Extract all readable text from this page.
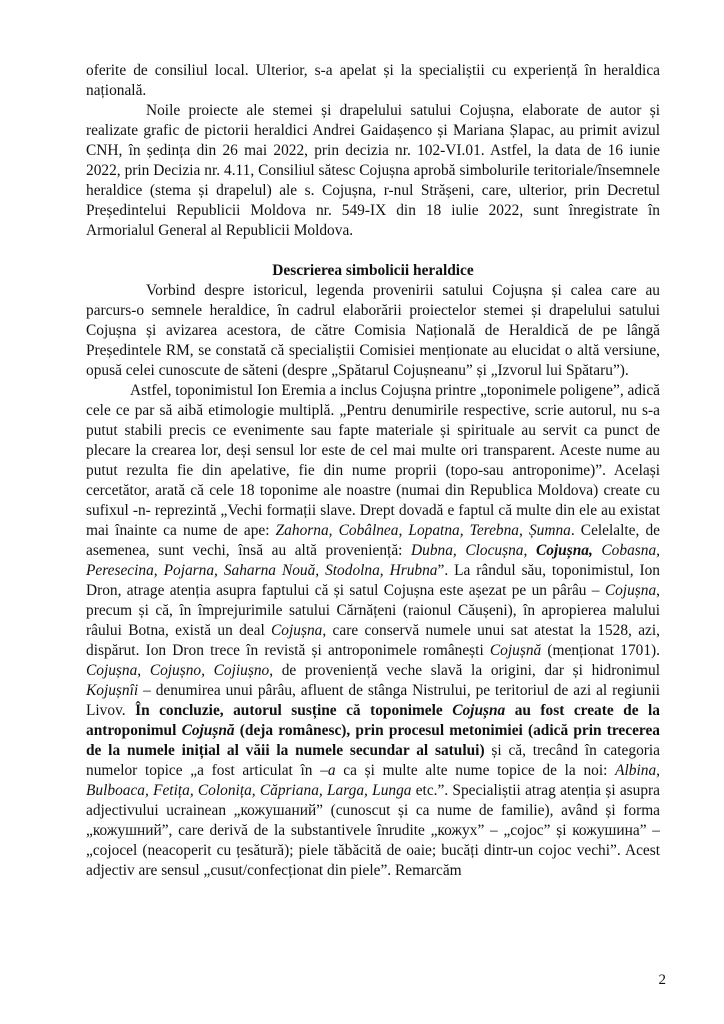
oferite de consiliul local. Ulterior, s-a apelat și la specialiștii cu experiență în heraldica națională.

Noile proiecte ale stemei și drapelului satului Cojușna, elaborate de autor și realizate grafic de pictorii heraldici Andrei Gaidașenco și Mariana Șlapac, au primit avizul CNH, în ședința din 26 mai 2022, prin decizia nr. 102-VI.01. Astfel, la data de 16 iunie 2022, prin Decizia nr. 4.11, Consiliul sătesc Cojușna aprobă simbolurile teritoriale/însemnele heraldice (stema și drapelul) ale s. Cojușna, r-nul Strășeni, care, ulterior, prin Decretul Președintelui Republicii Moldova nr. 549-IX din 18 iulie 2022, sunt înregistrate în Armorialul General al Republicii Moldova.

Descrierea simbolicii heraldice

Vorbind despre istoricul, legenda provenirii satului Cojușna și calea care au parcurs-o semnele heraldice, în cadrul elaborării proiectelor stemei și drapelului satului Cojușna și avizarea acestora, de către Comisia Națională de Heraldică de pe lângă Președintele RM, se constată că specialiștii Comisiei menționate au elucidat o altă versiune, opusă celei cunoscute de săteni (despre „Spătarul Cojușneanu” și „Izvorul lui Spătaru”).

Astfel, toponimistul Ion Eremia a inclus Cojușna printre „toponimele poligene”, adică cele ce par să aibă etimologie multiplă. „Pentru denumirile respective, scrie autorul, nu s-a putut stabili precis ce evenimente sau fapte materiale și spirituale au servit ca punct de plecare la crearea lor, deși sensul lor este de cel mai multe ori transparent. Aceste nume au putut rezulta fie din apelative, fie din nume proprii (topo-sau antroponime)”. Același cercetător, arată că cele 18 toponime ale noastre (numai din Republica Moldova) create cu sufixul -n- reprezintă „Vechi formații slave. Drept dovadă e faptul că multe din ele au existat mai înainte ca nume de ape: Zahorna, Cobâlnea, Lopatna, Terebna, Șumna. Celelalte, de asemenea, sunt vechi, însă au altă proveniență: Dubna, Clocușna, Cojușna, Cobasna, Peresecina, Pojarna, Saharna Nouă, Stodolna, Hrubna”. La rândul său, toponimistul, Ion Dron, atrage atenția asupra faptului că și satul Cojușna este așezat pe un pârâu – Cojușna, precum și că, în împrejurimile satului Cărnățeni (raionul Căușeni), în apropierea malului râului Botna, există un deal Cojușna, care conservă numele unui sat atestat la 1528, azi, dispărut. Ion Dron trece în revistă și antroponimele românești Cojușnă (menționat 1701). Cojușna, Cojușno, Cojiușno, de proveniență veche slavă la origini, dar și hidronimul Kojușnîi – denumirea unui pârâu, afluent de stânga Nistrului, pe teritoriul de azi al regiunii Livov. În concluzie, autorul susține că toponimele Cojușna au fost create de la antroponimul Cojușnă (deja românesc), prin procesul metonimiei (adică prin trecerea de la numele inițial al văii la numele secundar al satului) și că, trecând în categoria numelor topice „a fost articulat în –a ca și multe alte nume topice de la noi: Albina, Bulboaca, Fetița, Colonița, Căpriana, Larga, Lunga etc.”. Specialiștii atrag atenția și asupra adjectivului ucrainean „кожушаний” (cunoscut și ca nume de familie), având și forma „кожушний”, care derivă de la substantivele înrudite „кожух” – „cojoc” și кожушина” – „cojocel (neacoperit cu țesătură); piele tăbăcită de oaie; bucăți dintr-un cojoc vechi”. Acest adjectiv are sensul „cusut/confecționat din piele”. Remarcăm

2
